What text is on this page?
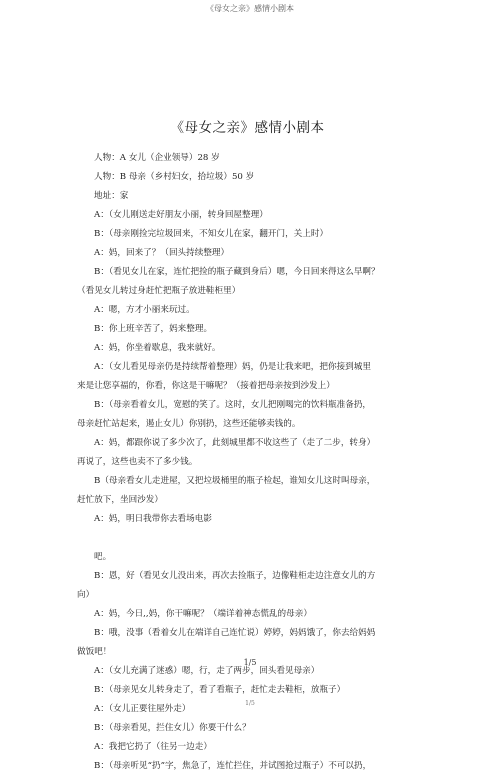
《母女之亲》感情小剧本
《母女之亲》感情小剧本
人物：A 女儿（企业领导）28 岁
人物：B 母亲（乡村妇女，拾垃圾）50 岁
地址：家
A：（女儿刚送走好朋友小丽，转身回屋整理）
B：（母亲刚捡完垃圾回来，不知女儿在家，翻开门，关上时）
A：妈，回来了？（回头持续整理）
B：（看见女儿在家，连忙把捡的瓶子藏到身后）嗯，今日回来得这么早啊？
（看见女儿转过身赶忙把瓶子放进鞋柜里）
A：嗯，方才小丽来玩过。
B：你上班辛苦了，妈来整理。
A：妈，你坐着歇息，我来就好。
A：（女儿看见母亲仍是持续帮着整理）妈，仍是让我来吧，把你接到城里
来是让您享福的，你看，你这是干嘛呢？（接着把母亲按到沙发上）
B：（母亲看着女儿，宽慰的笑了。这时，女儿把刚喝完的饮料瓶准备扔，
母亲赶忙站起来，遏止女儿）你别扔，这些还能够卖钱的。
A：妈，都跟你说了多少次了，此刻城里都不收这些了（走了二步，转身）
再说了，这些也卖不了多少钱。
B（母亲看女儿走进屋，又把垃圾桶里的瓶子检起，谁知女儿这时叫母亲，
赶忙放下，坐回沙发）
A：妈，明日我带你去看场电影
吧。
B：恩，好（看见女儿没出来，再次去捡瓶子，边像鞋柜走边注意女儿的方
向）
A：妈，今日,,妈，你干嘛呢？（端详着神态慌乱的母亲）
B：哦，没事（看着女儿在端详自己连忙说）婷婷，妈妈饿了，你去给妈妈
做饭吧！
A：（女儿充满了迷惑）嗯，行，走了两步，回头看见母亲）
B：（母亲见女儿转身走了，看了看瓶子，赶忙走去鞋柜，放瓶子）
A：（女儿正要往屋外走）
B：（母亲看见，拦住女儿）你要干什么？
A：我把它扔了（往另一边走）
B：（母亲听见“扔”字，焦急了，连忙拦住，并试图抢过瓶子）不可以扔，
1/5
1/5
